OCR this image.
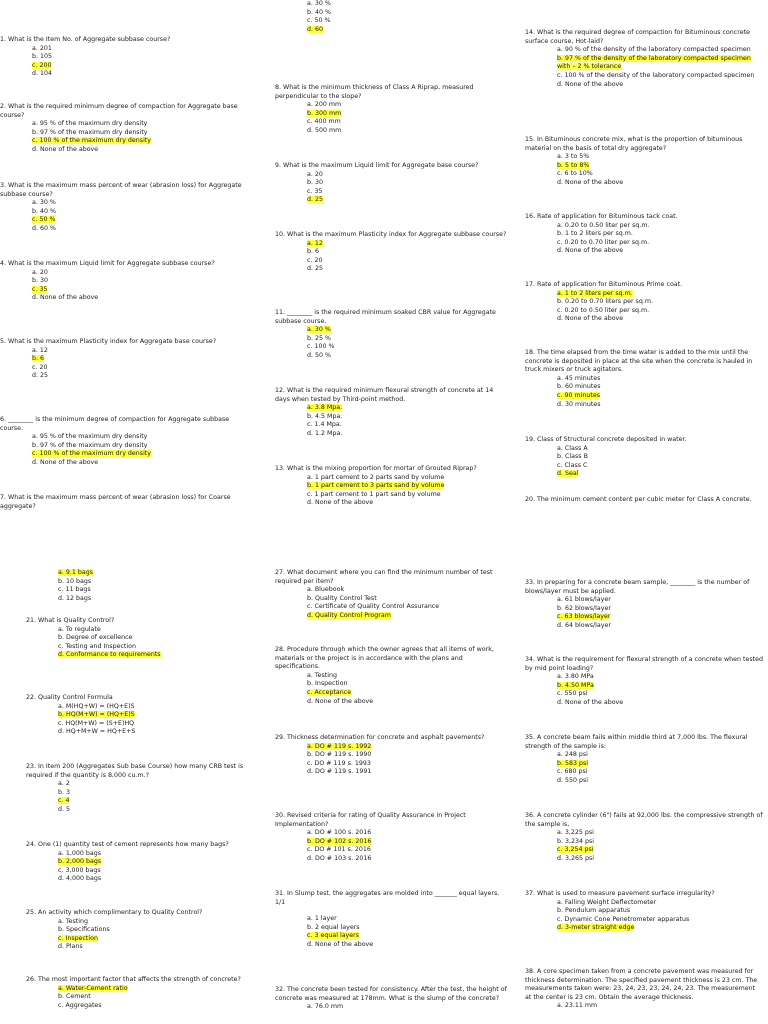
1. What is the Item No. of Aggregate subbase course?
a. 201
b. 105
c. 200
d. 104
2. What is the required minimum degree of compaction for Aggregate base course?
a. 95 % of the maximum dry density
b. 97 % of the maximum dry density
c. 100 % of the maximum dry density
d. None of the above
3. What is the maximum mass percent of wear (abrasion loss) for Aggregate subbase course?
a. 30 %
b. 40 %
c. 50 %
d. 60 %
4. What is the maximum Liquid limit for Aggregate subbase course?
a. 20
b. 30
c. 35
d. None of the above
5. What is the maximum Plasticity index for Aggregate base course?
a. 12
b. 6
c. 20
d. 25
6. ________ is the minimum degree of compaction for Aggregate subbase course.
a. 95 % of the maximum dry density
b. 97 % of the maximum dry density
c. 100 % of the maximum dry density
d. None of the above
7. What is the maximum mass percent of wear (abrasion loss) for Coarse aggregate?
a. 30 %
b. 40 %
c. 50 %
d. 60
8. What is the minimum thickness of Class A Riprap, measured perpendicular to the slope?
a. 200 mm
b. 300 mm
c. 400 mm
d. 500 mm
9. What is the maximum Liquid limit for Aggregate base course?
a. 20
b. 30
c. 35
d. 25
10. What is the maximum Plasticity index for Aggregate subbase course?
a. 12
b. 6
c. 20
d. 25
11. ________ is the required minimum soaked CBR value for Aggregate subbase course.
a. 30 %
b. 25 %
c. 100 %
d. 50 %
12. What is the required minimum flexural strength of concrete at 14 days when tested by Third-point method.
a. 3.8 Mpa.
b. 4.5 Mpa.
c. 1.4 Mpa.
d. 1.2 Mpa.
13. What is the mixing proportion for mortar of Grouted Riprap?
a. 1 part cement to 2 parts sand by volume
b. 1 part cement to 3 parts sand by volume
c. 1 part cement to 1 part sand by volume
d. None of the above
14. What is the required degree of compaction for Bituminous concrete surface course, Hot-laid?
a. 90 % of the density of the laboratory compacted specimen
b. 97 % of the density of the laboratory compacted specimen with – 2 % tolerance
c. 100 % of the density of the laboratory compacted specimen
d. None of the above
15. In Bituminous concrete mix, what is the proportion of bituminous material on the basis of total dry aggregate?
a. 3 to 5%
b. 5 to 8%
c. 6 to 10%
d. None of the above
16. Rate of application for Bituminous tack coat.
a. 0.20 to 0.50 liter per sq.m.
b. 1 to 2 liters per sq.m.
c. 0.20 to 0.70 liter per sq.m.
d. None of the above
17. Rate of application for Bituminous Prime coat.
a. 1 to 2 liters per sq.m.
b. 0.20 to 0.70 liters per sq.m.
c. 0.20 to 0.50 liter per sq.m.
d. None of the above
18. The time elapsed from the time water is added to the mix until the concrete is deposited in place at the site when the concrete is hauled in truck mixers or truck agitators.
a. 45 minutes
b. 60 minutes
c. 90 minutes
d. 30 minutes
19. Class of Structural concrete deposited in water.
a. Class A
b. Class B
c. Class C
d. Seal
20. The minimum cement content per cubic meter for Class A concrete.
a. 9.1 bags
b. 10 bags
c. 11 bags
d. 12 bags
21. What is Quality Control?
a. To regulate
b. Degree of excellence
c. Testing and Inspection
d. Conformance to requirements
22. Quality Control Formula
a. M(HQ+W) = (HQ+E)S
b. HQ(M+W) = (HQ+E)S
c. HQ(M+W) = (S+E)HQ
d. HQ+M+W = HQ+E+S
23. In Item 200 (Aggregates Sub base Course) how many CRB test is required if the quantity is 8,000 cu.m.?
a. 2
b. 3
c. 4
d. 5
24. One (1) quantity test of cement represents how many bags?
a. 1,000 bags
b. 2,000 bags
c. 3,000 bags
d. 4,000 bags
25. An activity which complimentary to Quality Control?
a. Testing
b. Specifications
c. Inspection
d. Plans
26. The most important factor that affects the strength of concrete?
a. Water-Cement ratio
b. Cement
c. Aggregates
27. What document where you can find the minimum number of test required per item?
a. Bluebook
b. Quality Control Test
c. Certificate of Quality Control Assurance
d. Quality Control Program
28. Procedure through which the owner agrees that all items of work, materials or the project is in accordance with the plans and specifications.
a. Testing
b. Inspection
c. Acceptance
d. None of the above
29. Thickness determination for concrete and asphalt pavements?
a. DO # 119 s. 1992
b. DO # 119 s. 1990
c. DO # 119 s. 1993
d. DO # 119 s. 1991
30. Revised criteria for rating of Quality Assurance in Project Implementation?
a. DO # 100 s. 2016
b. DO # 102 s. 2016
c. DO # 101 s. 2016
d. DO # 103 s. 2016
31. In Slump test, the aggregates are molded into _______ equal layers.
1/1
a. 1 layer
b. 2 equal layers
c. 3 equal layers
d. None of the above
32. The concrete been tested for consistency. After the test, the height of concrete was measured at 178mm. What is the slump of the concrete?
a. 76.0 mm
33. In preparing for a concrete beam sample, ________ is the number of blows/layer must be applied.
a. 61 blows/layer
b. 62 blows/layer
c. 63 blows/layer
d. 64 blows/layer
34. What is the requirement for flexural strength of a concrete when tested by mid point loading?
a. 3.80 MPa
b. 4.50 MPa
c. 550 psi
d. None of the above
35. A concrete beam fails within middle third at 7,000 lbs. The flexural strength of the sample is:
a. 248 psi
b. 583 psi
c. 680 psi
d. 550 psi
36. A concrete cylinder (6") fails at 92,000 lbs. the compressive strength of the sample is,
a. 3,225 psi
b. 3,234 psi
c. 3,254 psi
d. 3,265 psi
37. What is used to measure pavement surface irregularity?
a. Falling Weight Deflectometer
b. Pendulum apparatus
c. Dynamic Cone Penetrometer apparatus
d. 3-meter straight edge
38. A core specimen taken from a concrete pavement was measured for thickness determination. The specified pavement thickness is 23 cm. The measurements taken were: 23, 24, 23, 23, 24, 24, 23. The measurement at the center is 23 cm. Obtain the average thickness.
a. 23.11 mm
